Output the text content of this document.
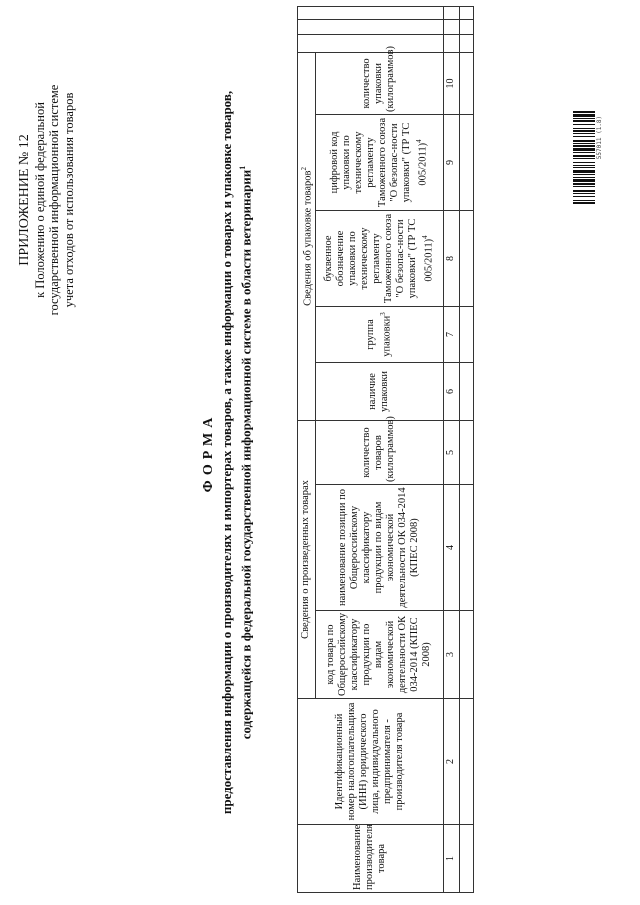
ПРИЛОЖЕНИЕ № 12 к Положению о единой федеральной государственной информационной системе учета отходов от использования товаров
ФОРМА предоставления информации о производителях и импортерах товаров, а также информации о товарах и упаковке товаров, содержащейся в федеральной государственной информационной системе в области ветеринарии$^1$
Наименование производителя товара	Идентификационный номер налогоплательщика (ИНН) юридического лица, индивидуального предпринимателя - производителя товара	Сведения о произведенных товарах			Сведения об упаковке товаров$^2$			
		код товара по Общероссийскому классификатору продукции по видам экономической деятельности ОК 034-2014 (КПЕС 2008)	наименование позиции по Общероссийскому классификатору продукции по видам экономической деятельности ОК 034-2014 (КПЕС 2008)	количество товаров (килограммов)	наличие упаковки	группа упаковки$^3$	буквенное обозначение упаковки по техническому регламенту Таможенного союза "О безопас-ности упаковки" (ТР ТС 005/2011)$^4$	цифровой код упаковки по техническому регламенту Таможенного союза "О безопас-ности упаковки" (ТР ТС 005/2011)$^4$	количество упаковки (килограммов)			
1	2	3	4	5	6	7	8	9	10			

557011 (1.8)
